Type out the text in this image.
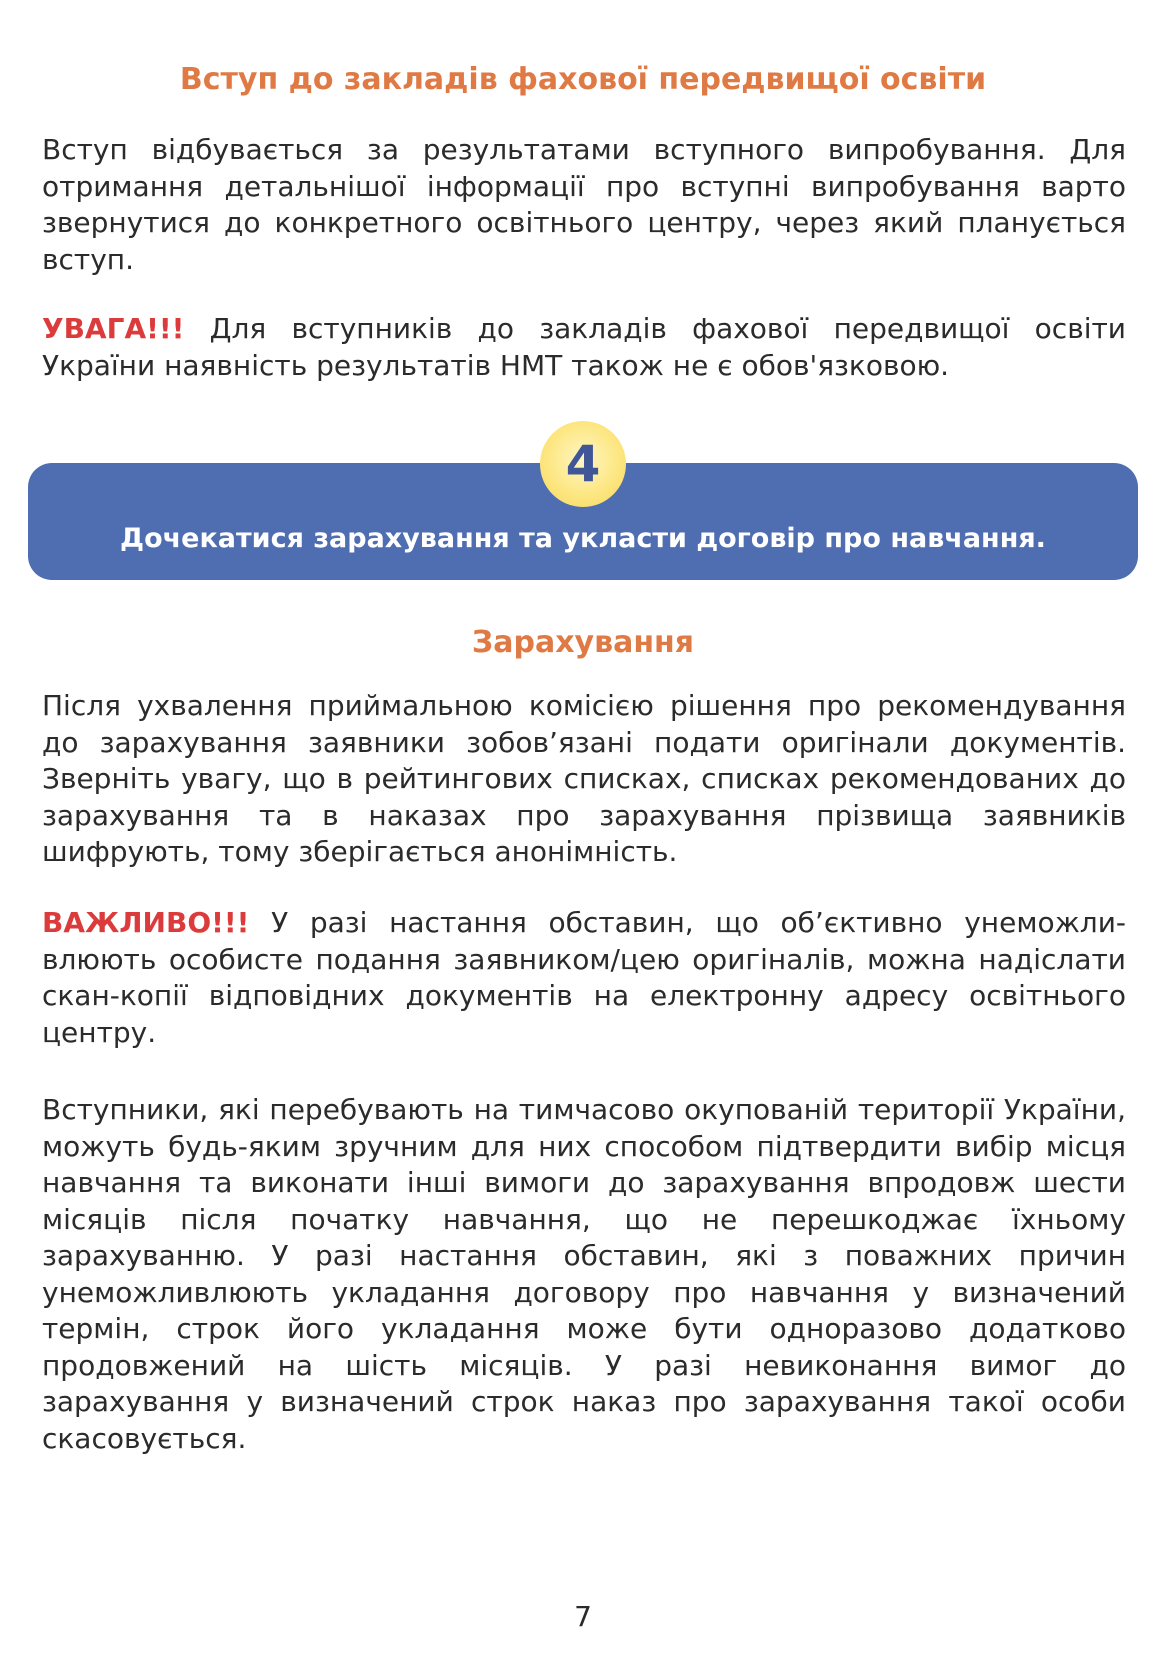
Вступ до закладів фахової передвищої освіти

Вступ відбувається за результатами вступного випробування. Для отримання детальнішої інформації про вступні випробування варто звернутися до конкретного освітнього центру, через який планується вступ.

УВАГА!!! Для вступників до закладів фахової передвищої освіти України наявність результатів НМТ також не є обов'язковою.

Дочекатися зарахування та укласти договір про навчання.

4
Зарахування

Після ухвалення приймальною комісією рішення про рекомендування до зарахування заявники зобов’язані подати оригінали документів. Зверніть увагу, що в рейтингових списках, списках рекомендованих до зарахування та в наказах про зарахування прізвища заявників шифрують, тому зберігається анонімність.

ВАЖЛИВО!!! У разі настання обставин, що об’єктивно унеможливлюють особисте подання заявником/цею оригіналів, можна надіслати скан-копії відповідних документів на електронну адресу освітнього центру.

Вступники, які перебувають на тимчасово окупованій території України, можуть будь-яким зручним для них способом підтвердити вибір місця навчання та виконати інші вимоги до зарахування впродовж шести місяців після початку навчання, що не перешкоджає їхньому зарахуванню. У разі настання обставин, які з поважних причин унеможливлюють укладання договору про навчання у визначений термін, строк його укладання може бути одноразово додатково продовжений на шість місяців. У разі невиконання вимог до зарахування у визначений строк наказ про зарахування такої особи скасовується.

7
